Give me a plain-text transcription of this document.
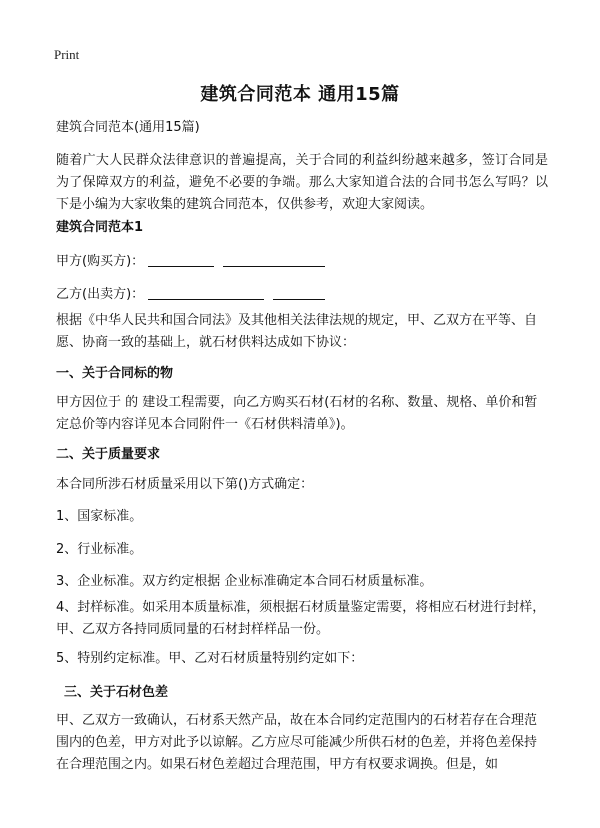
Print
建筑合同范本 通用15篇
建筑合同范本(通用15篇)
随着广大人民群众法律意识的普遍提高，关于合同的利益纠纷越来越多，签订合同是为了保障双方的利益，避免不必要的争端。那么大家知道合法的合同书怎么写吗？以下是小编为大家收集的建筑合同范本，仅供参考，欢迎大家阅读。
建筑合同范本1
甲方(购买方)：
乙方(出卖方)：
根据《中华人民共和国合同法》及其他相关法律法规的规定，甲、乙双方在平等、自愿、协商一致的基础上，就石材供料达成如下协议：
一、关于合同标的物
甲方因位于 的 建设工程需要，向乙方购买石材(石材的名称、数量、规格、单价和暂定总价等内容详见本合同附件一《石材供料清单》)。
二、关于质量要求
本合同所涉石材质量采用以下第()方式确定：
1、国家标准。
2、行业标准。
3、企业标准。双方约定根据 企业标准确定本合同石材质量标准。
4、封样标准。如采用本质量标准，须根据石材质量鉴定需要，将相应石材进行封样，甲、乙双方各持同质同量的石材封样样品一份。
5、特别约定标准。甲、乙对石材质量特别约定如下：
三、关于石材色差
甲、乙双方一致确认，石材系天然产品，故在本合同约定范围内的石材若存在合理范围内的色差，甲方对此予以谅解。乙方应尽可能减少所供石材的色差，并将色差保持在合理范围之内。如果石材色差超过合理范围，甲方有权要求调换。但是，如
